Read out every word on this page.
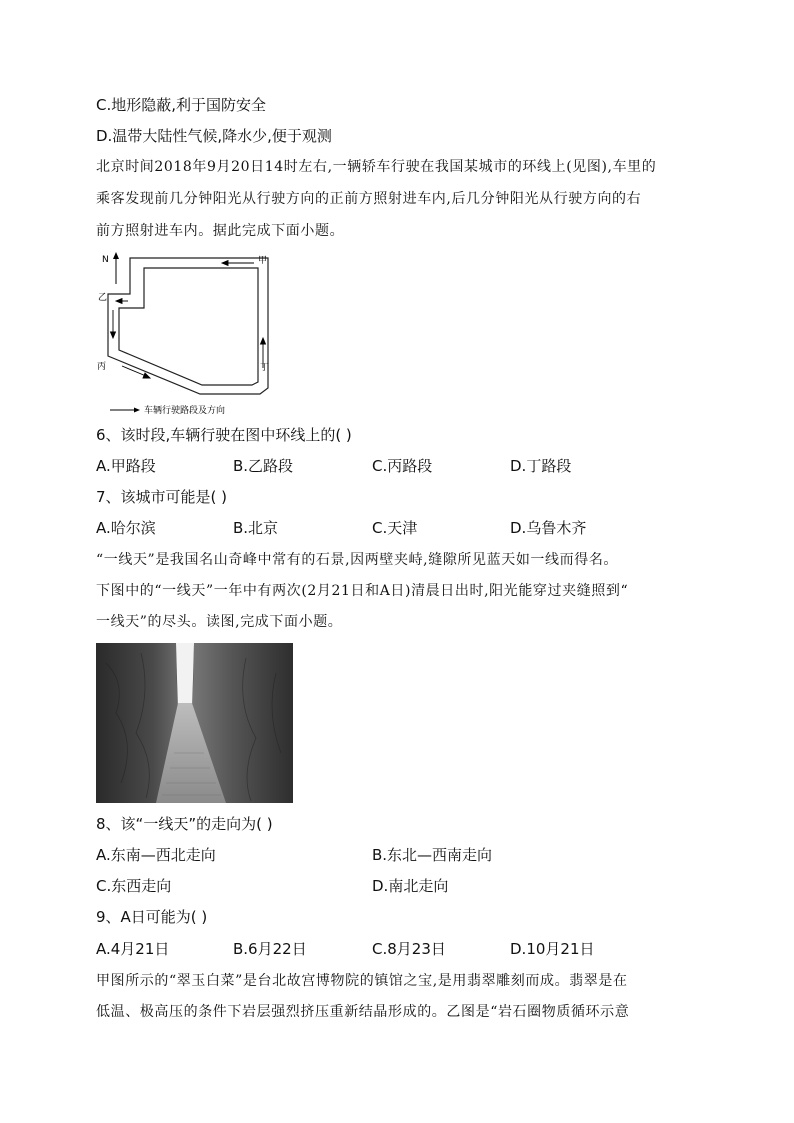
C.地形隐蔽,利于国防安全
D.温带大陆性气候,降水少,便于观测
北京时间2018年9月20日14时左右,一辆轿车行驶在我国某城市的环线上(见图),车里的
乘客发现前几分钟阳光从行驶方向的正前方照射进车内,后几分钟阳光从行驶方向的右
前方照射进车内。据此完成下面小题。
N	甲
乙
丙	丁
车辆行驶路段及方向
6、该时段,车辆行驶在图中环线上的( )
A.甲路段	B.乙路段	C.丙路段	D.丁路段
7、该城市可能是( )
A.哈尔滨	B.北京	C.天津	D.乌鲁木齐
“一线天”是我国名山奇峰中常有的石景,因两壁夹峙,缝隙所见蓝天如一线而得名。
下图中的“一线天”一年中有两次(2月21日和A日)清晨日出时,阳光能穿过夹缝照到“
一线天”的尽头。读图,完成下面小题。
8、该“一线天”的走向为( )
A.东南—西北走向	B.东北—西南走向
C.东西走向	D.南北走向
9、A日可能为( )
A.4月21日	B.6月22日	C.8月23日	D.10月21日
甲图所示的“翠玉白菜”是台北故宫博物院的镇馆之宝,是用翡翠雕刻而成。翡翠是在
低温、极高压的条件下岩层强烈挤压重新结晶形成的。乙图是“岩石圈物质循环示意
